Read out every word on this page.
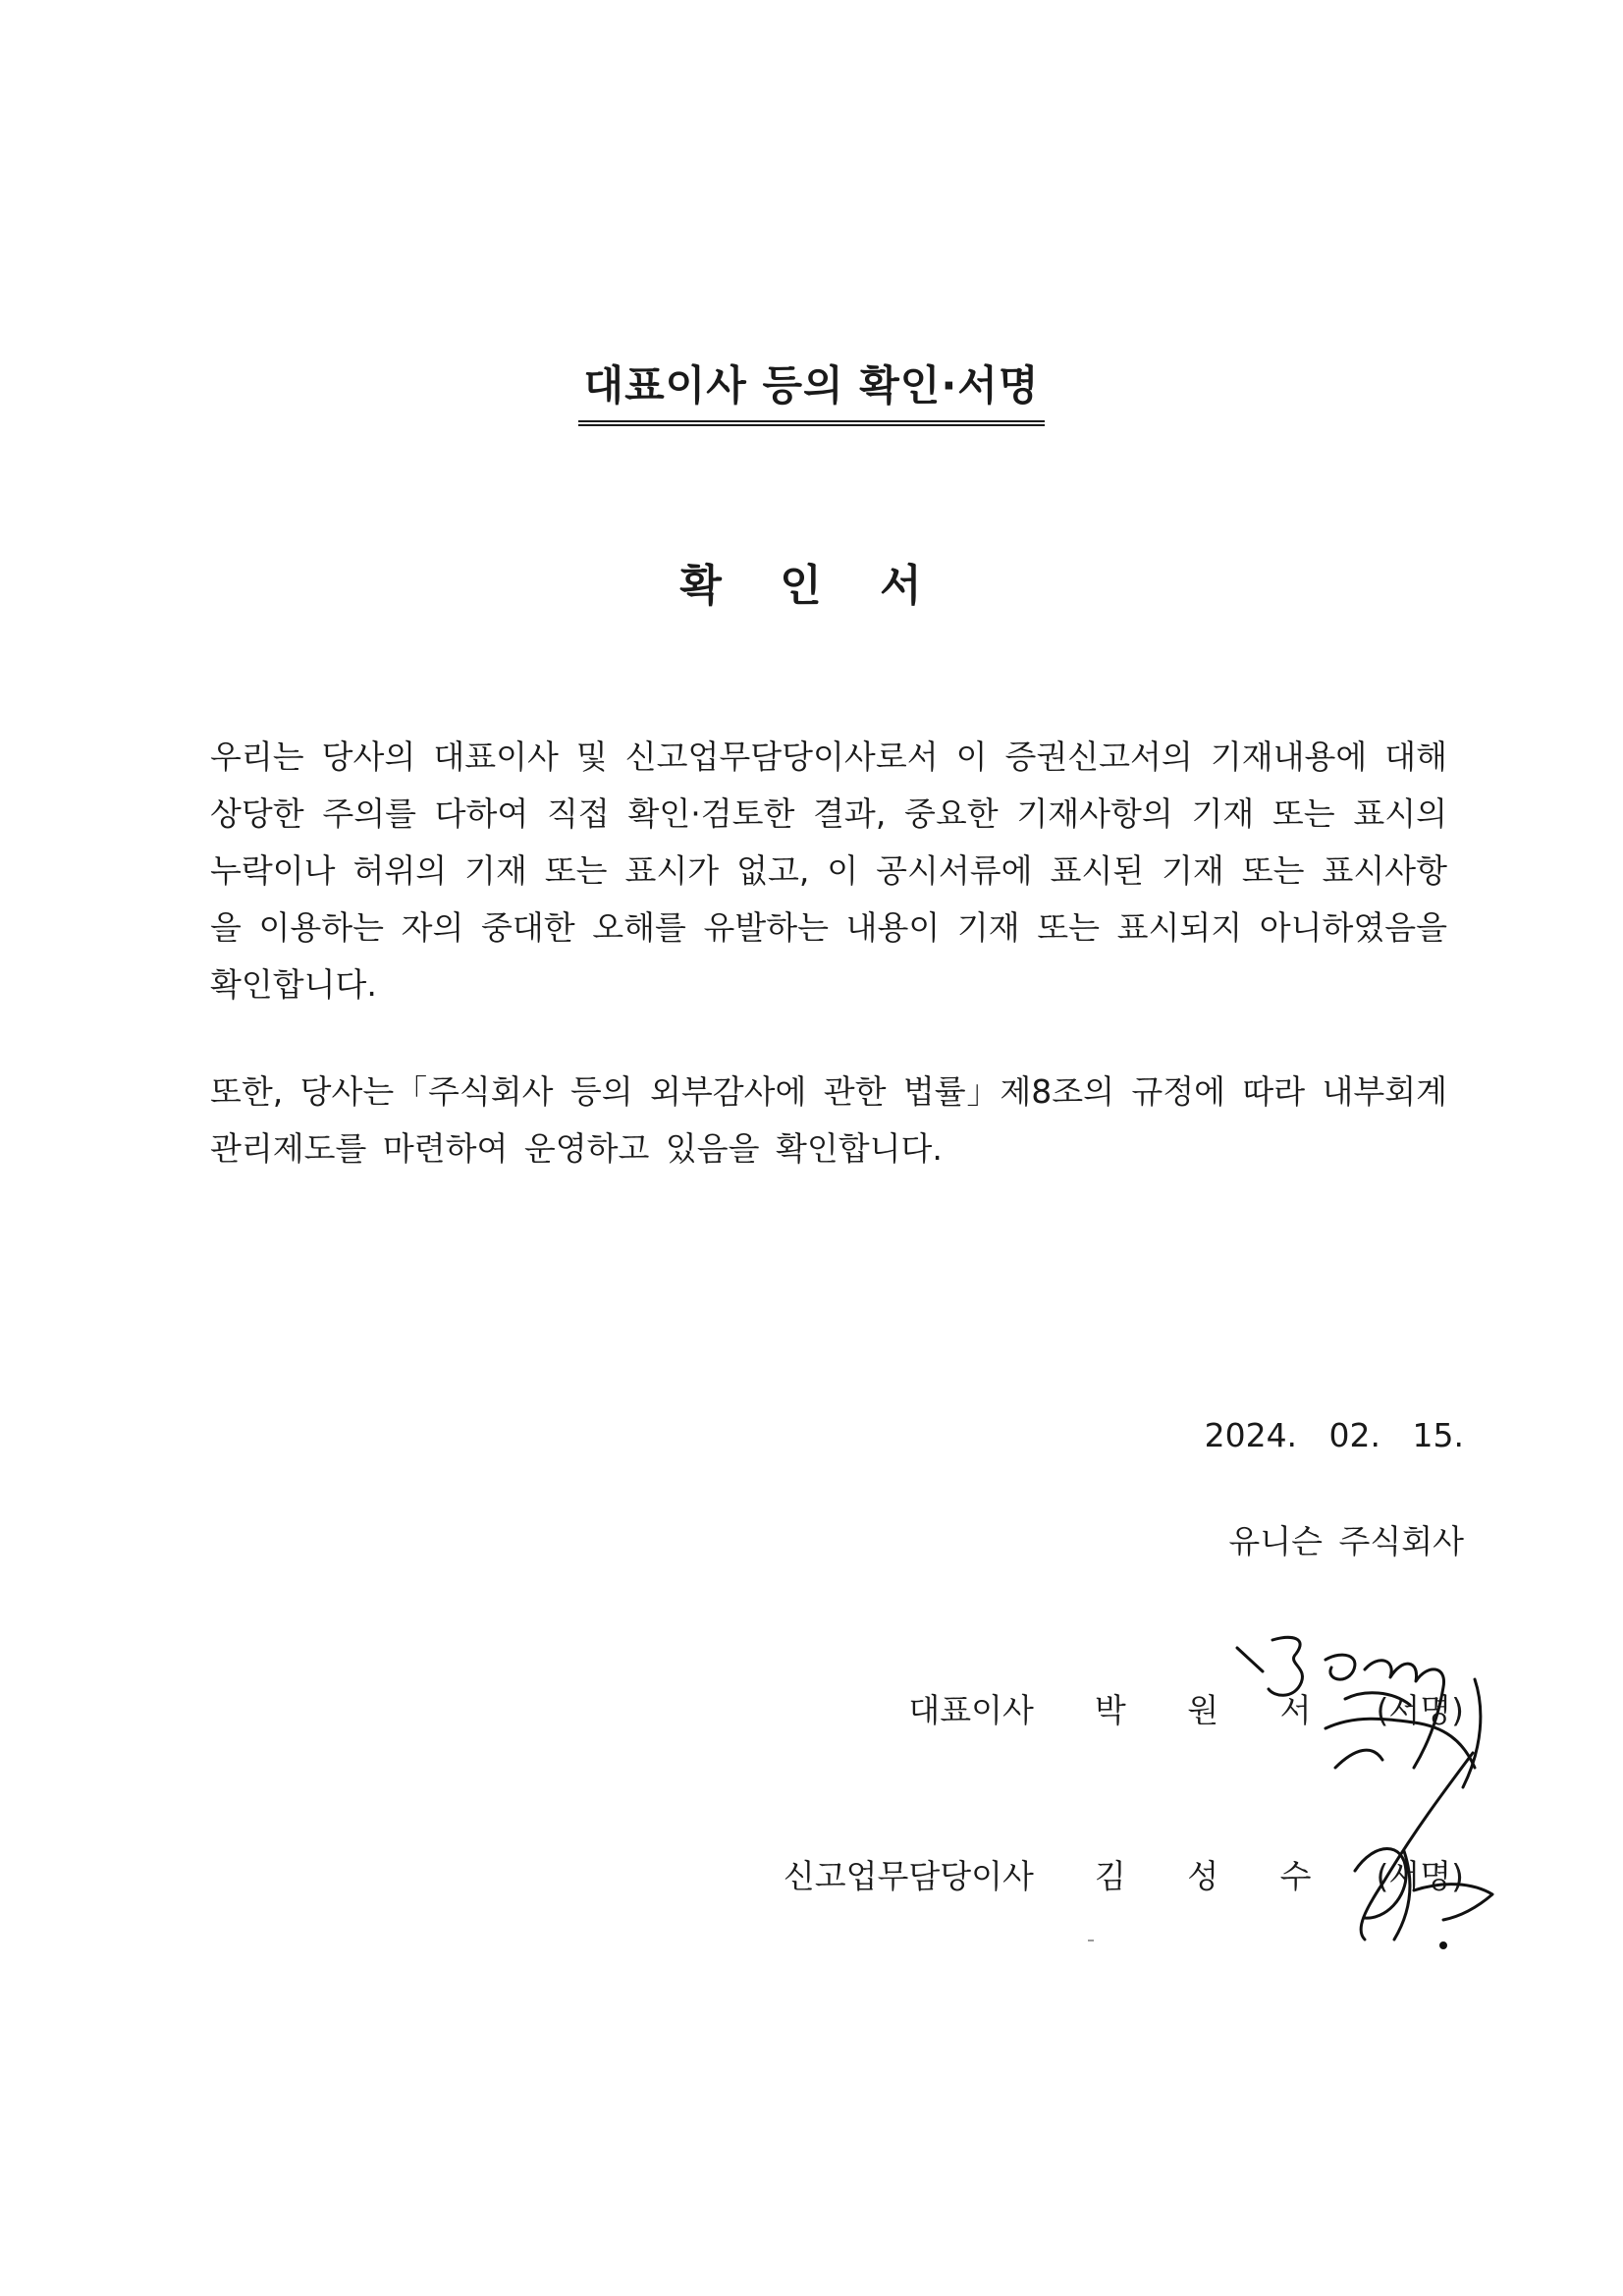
대표이사 등의 확인·서명
확 인 서
우리는 당사의 대표이사 및 신고업무담당이사로서 이 증권신고서의 기재내용에 대해 상당한 주의를 다하여 직접 확인·검토한 결과, 중요한 기재사항의 기재 또는 표시의 누락이나 허위의 기재 또는 표시가 없고, 이 공시서류에 표시된 기재 또는 표시사항을 이용하는 자의 중대한 오해를 유발하는 내용이 기재 또는 표시되지 아니하였음을 확인합니다.
또한, 당사는「주식회사 등의 외부감사에 관한 법률」제8조의 규정에 따라 내부회계관리제도를 마련하여 운영하고 있음을 확인합니다.
2024. 02. 15.
유니슨 주식회사
대표이사 박 원 서 (서명)
신고업무담당이사 김 성 수 (서명)
